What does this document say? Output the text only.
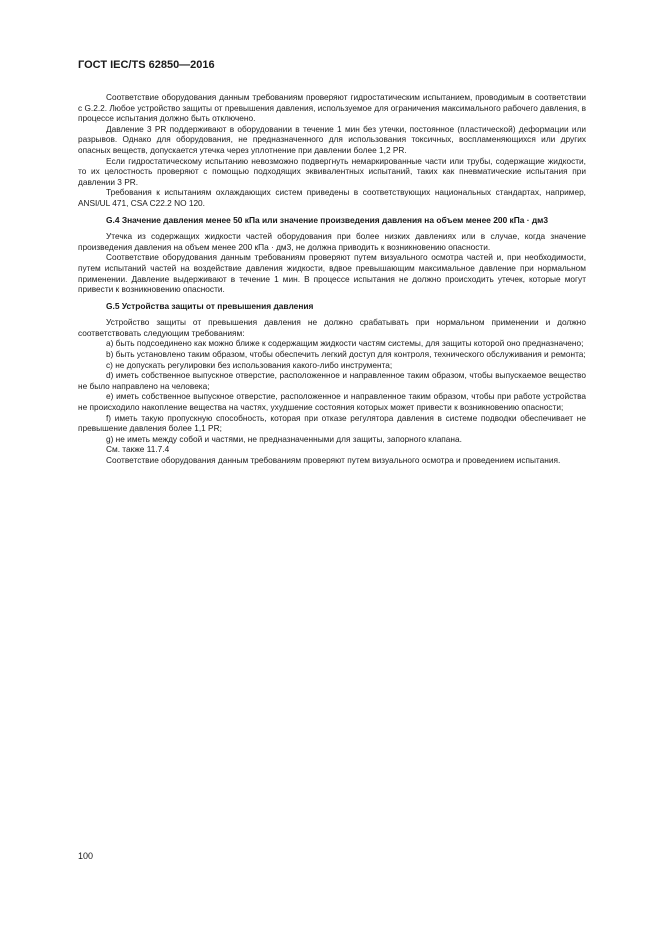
ГОСТ IEC/TS 62850—2016

Соответствие оборудования данным требованиям проверяют гидростатическим испытанием, проводимым в соответствии с G.2.2. Любое устройство защиты от превышения давления, используемое для ограничения максимального рабочего давления, в процессе испытания должно быть отключено.

Давление 3 PR поддерживают в оборудовании в течение 1 мин без утечки, постоянное (пластической) деформации или разрывов. Однако для оборудования, не предназначенного для использования токсичных, воспламеняющихся или других опасных веществ, допускается утечка через уплотнение при давлении более 1,2 PR.

Если гидростатическому испытанию невозможно подвергнуть немаркированные части или трубы, содержащие жидкости, то их целостность проверяют с помощью подходящих эквивалентных испытаний, таких как пневматические испытания при давлении 3 PR.

Требования к испытаниям охлаждающих систем приведены в соответствующих национальных стандартах, например, ANSI/UL 471, CSA C22.2 NO 120.

G.4 Значение давления менее 50 кПа или значение произведения давления на объем менее 200 кПа · дм3

Утечка из содержащих жидкости частей оборудования при более низких давлениях или в случае, когда значение произведения давления на объем менее 200 кПа · дм3, не должна приводить к возникновению опасности.

Соответствие оборудования данным требованиям проверяют путем визуального осмотра частей и, при необходимости, путем испытаний частей на воздействие давления жидкости, вдвое превышающим максимальное давление при нормальном применении. Давление выдерживают в течение 1 мин. В процессе испытания не должно происходить утечек, которые могут привести к возникновению опасности.

G.5 Устройства защиты от превышения давления

Устройство защиты от превышения давления не должно срабатывать при нормальном применении и должно соответствовать следующим требованиям:

a) быть подсоединено как можно ближе к содержащим жидкости частям системы, для защиты которой оно предназначено;

b) быть установлено таким образом, чтобы обеспечить легкий доступ для контроля, технического обслуживания и ремонта;

c) не допускать регулировки без использования какого-либо инструмента;

d) иметь собственное выпускное отверстие, расположенное и направленное таким образом, чтобы выпускаемое вещество не было направлено на человека;

e) иметь собственное выпускное отверстие, расположенное и направленное таким образом, чтобы при работе устройства не происходило накопление вещества на частях, ухудшение состояния которых может привести к возникновению опасности;

f) иметь такую пропускную способность, которая при отказе регулятора давления в системе подводки обеспечивает не превышение давления более 1,1 PR;

g) не иметь между собой и частями, не предназначенными для защиты, запорного клапана.

См. также 11.7.4

Соответствие оборудования данным требованиям проверяют путем визуального осмотра и проведением испытания.

100
